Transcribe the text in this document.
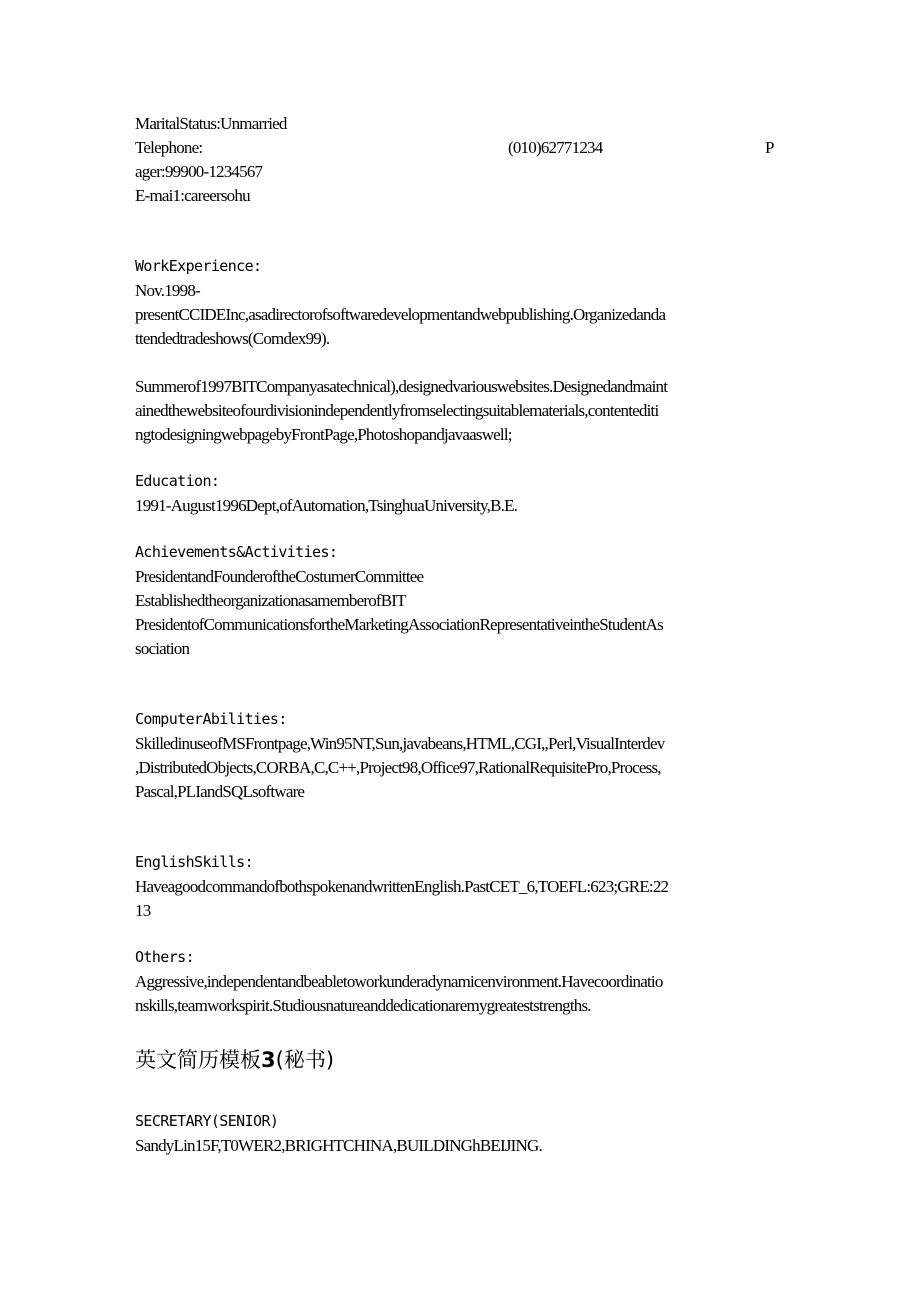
MaritalStatus:Unmarried
Telephone:	(010)62771234	P
ager:99900-1234567
E-mai1:careersohu
WorkExperience:
Nov.1998-
presentCCIDEInc,asadirectorofsoftwaredevelopmentandwebpublishing.Organizedanda
ttendedtradeshows(Comdex99).
Summerof1997BITCompanyasatechnical),designedvariouswebsites.Designedandmaint
ainedthewebsiteofourdivisionindependentlyfromselectingsuitablematerials,contentediti
ngtodesigningwebpagebyFrontPage,Photoshopandjavaaswell;
Education:
1991-August1996Dept,ofAutomation,TsinghuaUniversity,B.E.
Achievements&Activities:
PresidentandFounderoftheCostumerCommittee
EstablishedtheorganizationasamemberofBIT
PresidentofCommunicationsfortheMarketingAssociationRepresentativeintheStudentAs
sociation
ComputerAbilities:
SkilledinuseofMSFrontpage,Win95NT,Sun,javabeans,HTML,CGI,,Perl,VisualInterdev
,DistributedObjects,CORBA,C,C++,Project98,Office97,RationalRequisitePro,Process,
Pascal,PLIandSQLsoftware
EnglishSkills:
HaveagoodcommandofbothspokenandwrittenEnglish.PastCET_6,TOEFL:623;GRE:22
13
Others:
Aggressive,independentandbeabletoworkunderadynamicenvironment.Havecoordinatio
nskills,teamworkspirit.Studiousnatureanddedicationaremygreateststrengths.
英文简历模板3(秘书)
SECRETARY(SENIOR)
SandyLin15F,T0WER2,BRIGHTCHINA,BUILDINGhBEIJING.
